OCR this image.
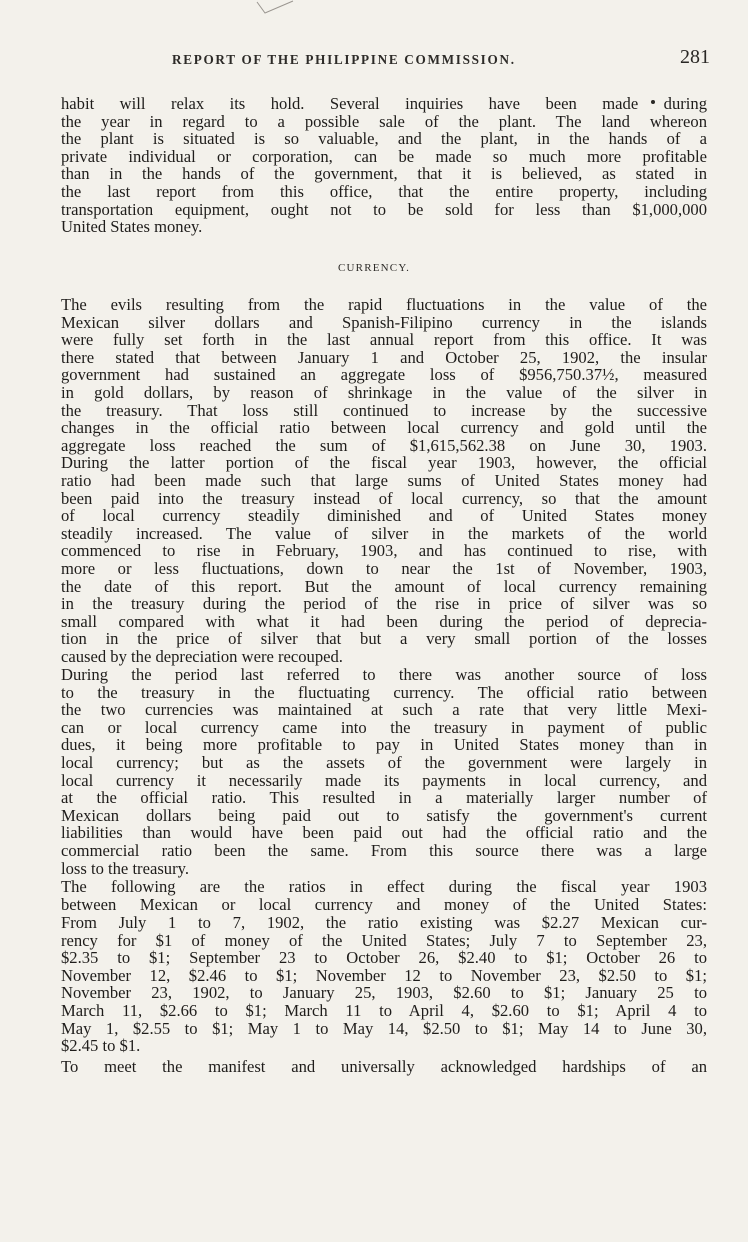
REPORT OF THE PHILIPPINE COMMISSION.	281
habit will relax its hold. Several inquiries have been made during
the year in regard to a possible sale of the plant. The land whereon
the plant is situated is so valuable, and the plant, in the hands of a
private individual or corporation, can be made so much more profitable
than in the hands of the government, that it is believed, as stated in
the last report from this office, that the entire property, including
transportation equipment, ought not to be sold for less than $1,000,000
United States money.
CURRENCY.
The evils resulting from the rapid fluctuations in the value of the
Mexican silver dollars and Spanish-Filipino currency in the islands
were fully set forth in the last annual report from this office. It was
there stated that between January 1 and October 25, 1902, the insular
government had sustained an aggregate loss of $956,750.37½, measured
in gold dollars, by reason of shrinkage in the value of the silver in
the treasury. That loss still continued to increase by the successive
changes in the official ratio between local currency and gold until the
aggregate loss reached the sum of $1,615,562.38 on June 30, 1903.
During the latter portion of the fiscal year 1903, however, the official
ratio had been made such that large sums of United States money had
been paid into the treasury instead of local currency, so that the amount
of local currency steadily diminished and of United States money
steadily increased. The value of silver in the markets of the world
commenced to rise in February, 1903, and has continued to rise, with
more or less fluctuations, down to near the 1st of November, 1903,
the date of this report. But the amount of local currency remaining
in the treasury during the period of the rise in price of silver was so
small compared with what it had been during the period of deprecia-
tion in the price of silver that but a very small portion of the losses
caused by the depreciation were recouped.
During the period last referred to there was another source of loss
to the treasury in the fluctuating currency. The official ratio between
the two currencies was maintained at such a rate that very little Mexi-
can or local currency came into the treasury in payment of public
dues, it being more profitable to pay in United States money than in
local currency; but as the assets of the government were largely in
local currency it necessarily made its payments in local currency, and
at the official ratio. This resulted in a materially larger number of
Mexican dollars being paid out to satisfy the government's current
liabilities than would have been paid out had the official ratio and the
commercial ratio been the same. From this source there was a large
loss to the treasury.
The following are the ratios in effect during the fiscal year 1903
between Mexican or local currency and money of the United States:
From July 1 to 7, 1902, the ratio existing was $2.27 Mexican cur-
rency for $1 of money of the United States; July 7 to September 23,
$2.35 to $1; September 23 to October 26, $2.40 to $1; October 26 to
November 12, $2.46 to $1; November 12 to November 23, $2.50 to $1;
November 23, 1902, to January 25, 1903, $2.60 to $1; January 25 to
March 11, $2.66 to $1; March 11 to April 4, $2.60 to $1; April 4 to
May 1, $2.55 to $1; May 1 to May 14, $2.50 to $1; May 14 to June 30,
$2.45 to $1.
To meet the manifest and universally acknowledged hardships of an
